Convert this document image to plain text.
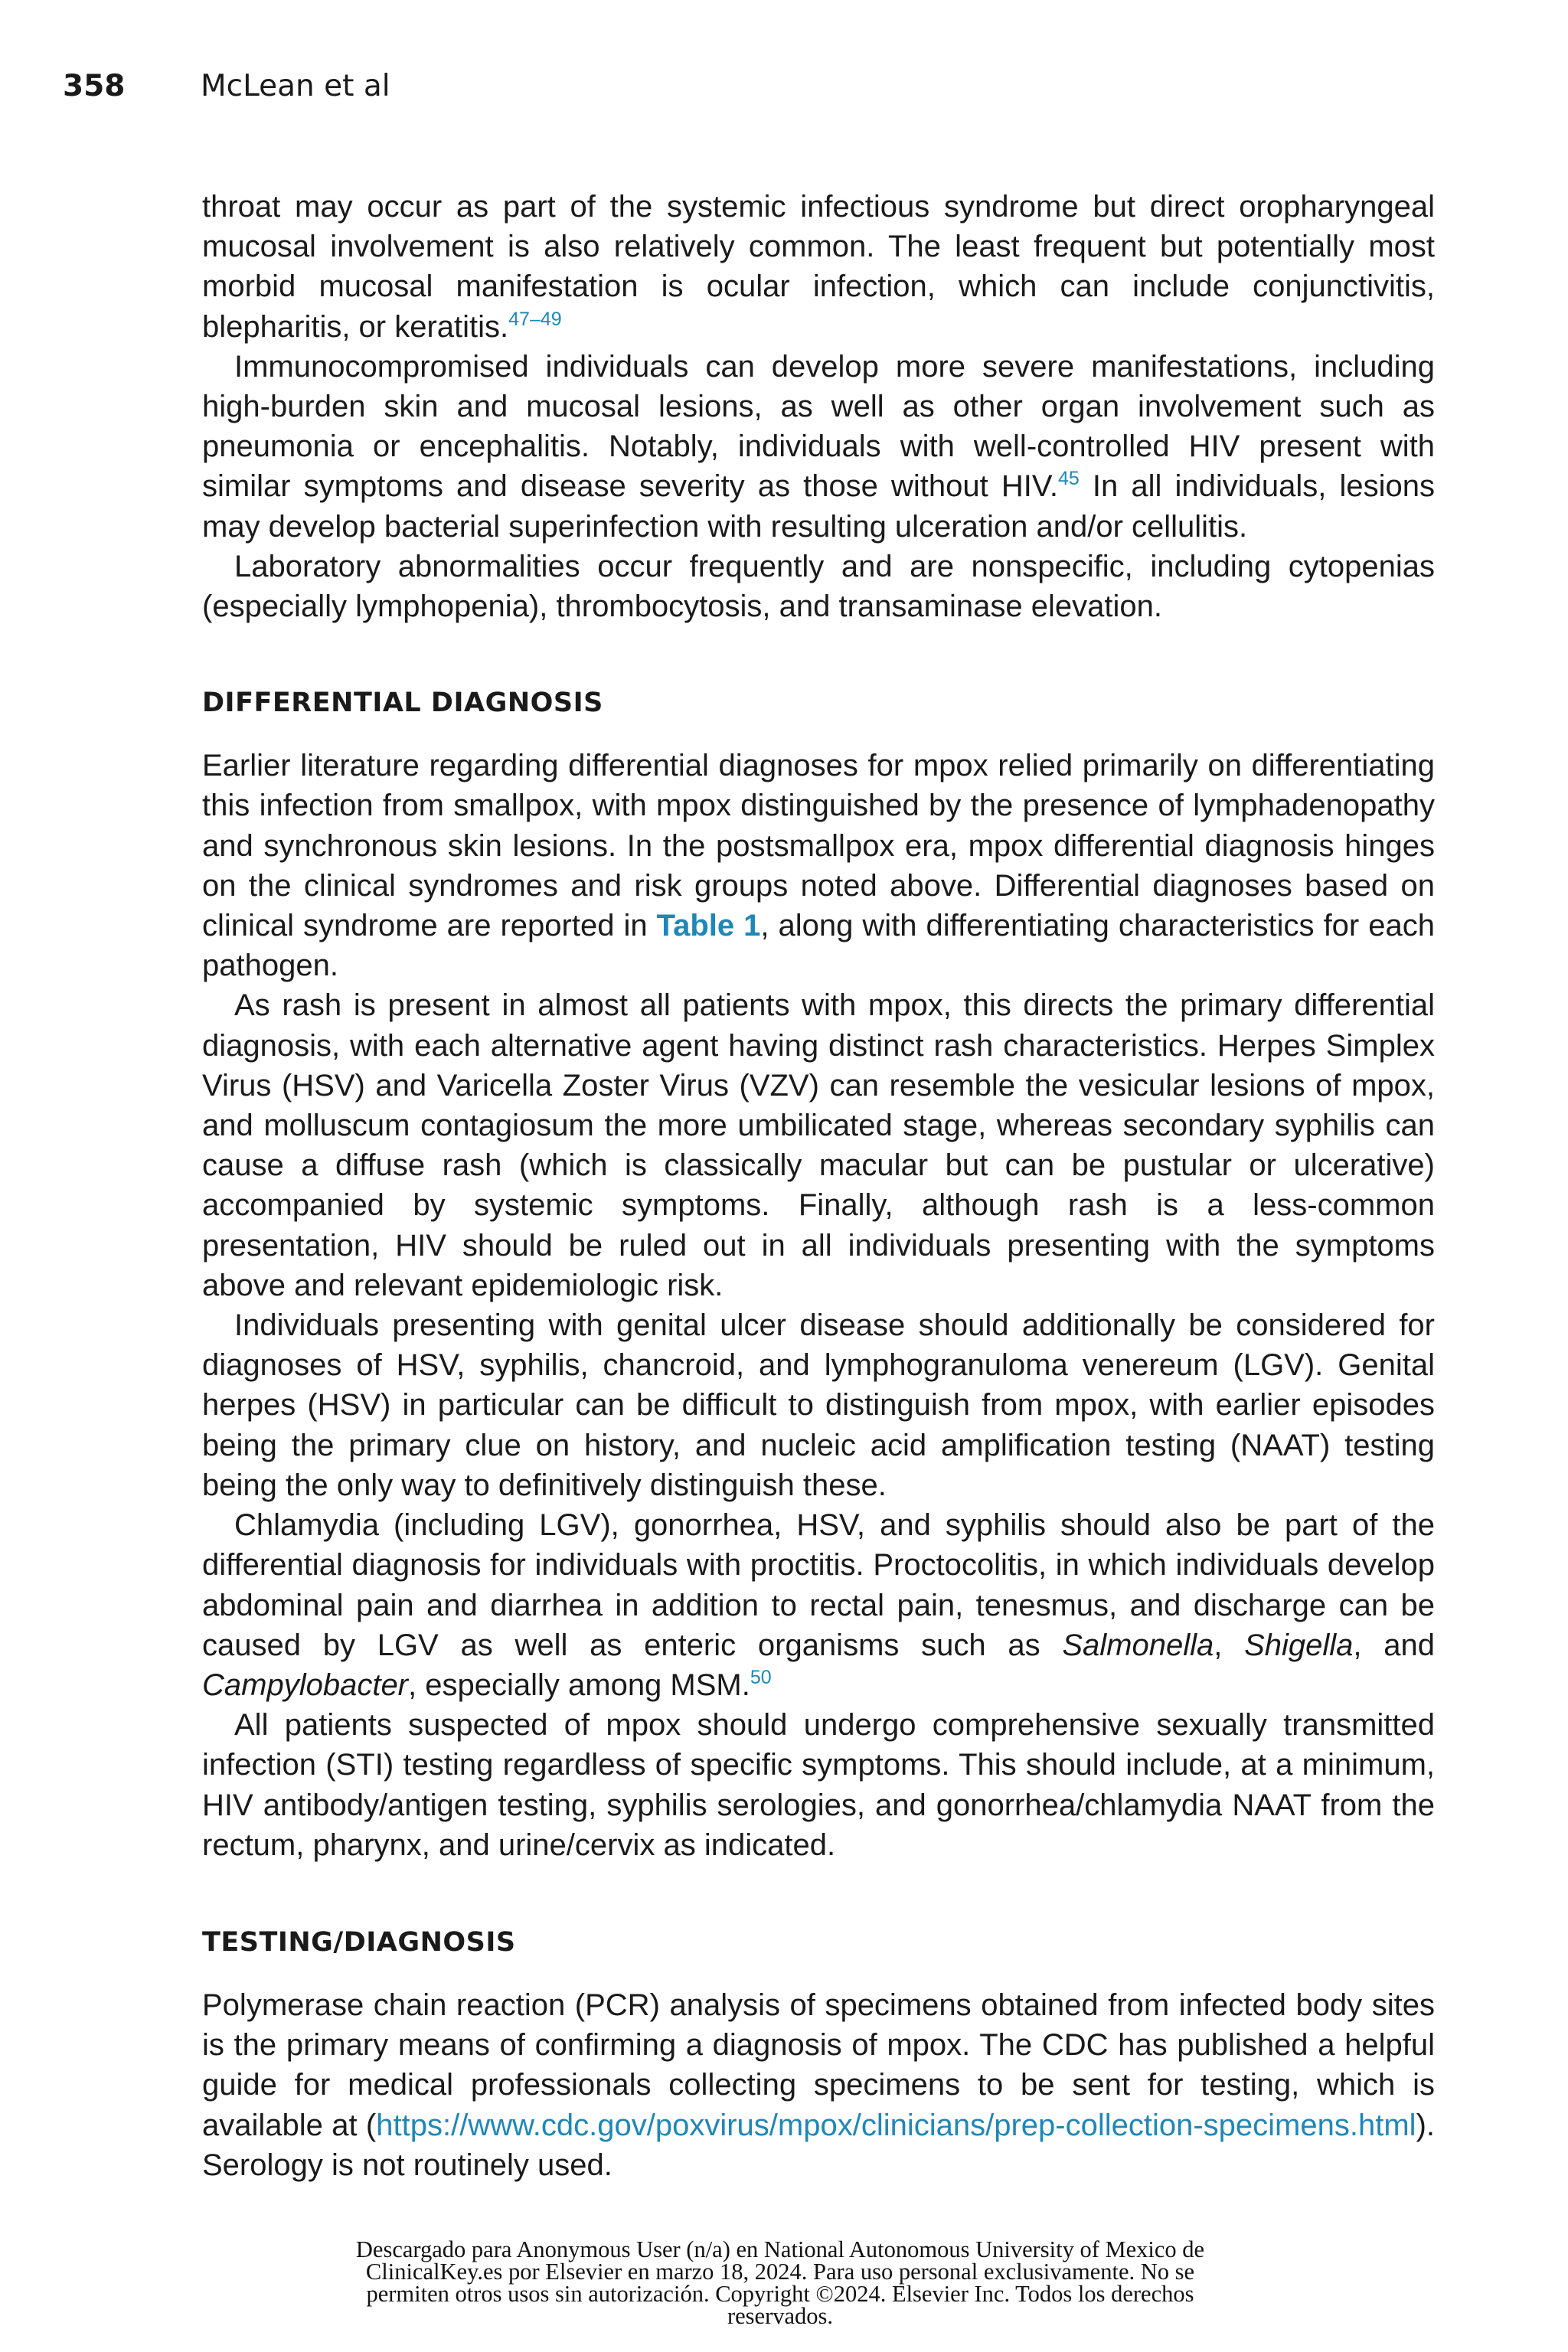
358	McLean et al

throat may occur as part of the systemic infectious syndrome but direct oropharyngeal mucosal involvement is also relatively common. The least frequent but potentially most morbid mucosal manifestation is ocular infection, which can include conjunctivitis, blepharitis, or keratitis.$^{47-49}$

Immunocompromised individuals can develop more severe manifestations, including high-burden skin and mucosal lesions, as well as other organ involvement such as pneumonia or encephalitis. Notably, individuals with well-controlled HIV present with similar symptoms and disease severity as those without HIV.$^{45}$ In all individuals, lesions may develop bacterial superinfection with resulting ulceration and/or cellulitis.

Laboratory abnormalities occur frequently and are nonspecific, including cytopenias (especially lymphopenia), thrombocytosis, and transaminase elevation.

DIFFERENTIAL DIAGNOSIS

Earlier literature regarding differential diagnoses for mpox relied primarily on differentiating this infection from smallpox, with mpox distinguished by the presence of lymphadenopathy and synchronous skin lesions. In the postsmallpox era, mpox differential diagnosis hinges on the clinical syndromes and risk groups noted above. Differential diagnoses based on clinical syndrome are reported in Table 1, along with differentiating characteristics for each pathogen.

As rash is present in almost all patients with mpox, this directs the primary differential diagnosis, with each alternative agent having distinct rash characteristics. Herpes Simplex Virus (HSV) and Varicella Zoster Virus (VZV) can resemble the vesicular lesions of mpox, and molluscum contagiosum the more umbilicated stage, whereas secondary syphilis can cause a diffuse rash (which is classically macular but can be pustular or ulcerative) accompanied by systemic symptoms. Finally, although rash is a less-common presentation, HIV should be ruled out in all individuals presenting with the symptoms above and relevant epidemiologic risk.

Individuals presenting with genital ulcer disease should additionally be considered for diagnoses of HSV, syphilis, chancroid, and lymphogranuloma venereum (LGV). Genital herpes (HSV) in particular can be difficult to distinguish from mpox, with earlier episodes being the primary clue on history, and nucleic acid amplification testing (NAAT) testing being the only way to definitively distinguish these.

Chlamydia (including LGV), gonorrhea, HSV, and syphilis should also be part of the differential diagnosis for individuals with proctitis. Proctocolitis, in which individuals develop abdominal pain and diarrhea in addition to rectal pain, tenesmus, and discharge can be caused by LGV as well as enteric organisms such as Salmonella, Shigella, and Campylobacter, especially among MSM.$^{50}$

All patients suspected of mpox should undergo comprehensive sexually transmitted infection (STI) testing regardless of specific symptoms. This should include, at a minimum, HIV antibody/antigen testing, syphilis serologies, and gonorrhea/chlamydia NAAT from the rectum, pharynx, and urine/cervix as indicated.

TESTING/DIAGNOSIS

Polymerase chain reaction (PCR) analysis of specimens obtained from infected body sites is the primary means of confirming a diagnosis of mpox. The CDC has published a helpful guide for medical professionals collecting specimens to be sent for testing, which is available at (https://www.cdc.gov/poxvirus/mpox/clinicians/prep-collection-​specimens.html). Serology is not routinely used.

Descargado para Anonymous User (n/a) en National Autonomous University of Mexico de
ClinicalKey.es por Elsevier en marzo 18, 2024. Para uso personal exclusivamente. No se
permiten otros usos sin autorización. Copyright ©2024. Elsevier Inc. Todos los derechos
reservados.
